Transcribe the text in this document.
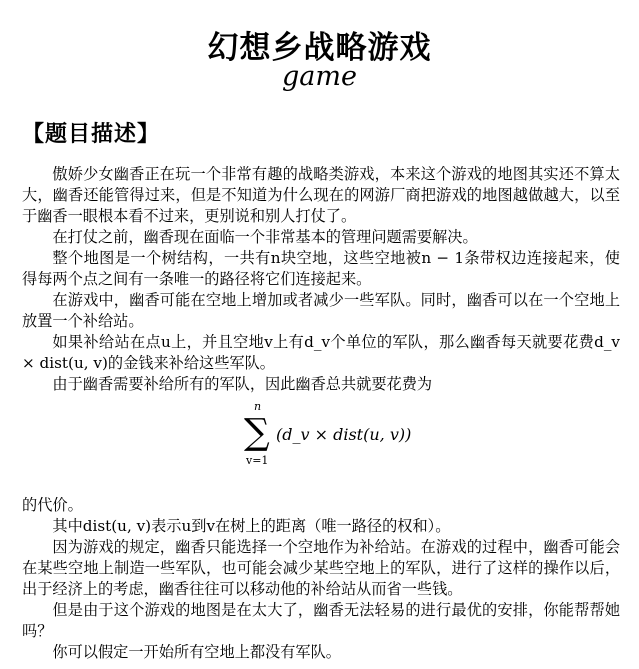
幻想乡战略游戏
game
【题目描述】

傲娇少女幽香正在玩一个非常有趣的战略类游戏，本来这个游戏的地图其实还不算太大，幽香还能管得过来，但是不知道为什么现在的网游厂商把游戏的地图越做越大，以至于幽香一眼根本看不过来，更别说和别人打仗了。

在打仗之前，幽香现在面临一个非常基本的管理问题需要解决。

整个地图是一个树结构，一共有n块空地，这些空地被n − 1条带权边连接起来，使得每两个点之间有一条唯一的路径将它们连接起来。

在游戏中，幽香可能在空地上增加或者减少一些军队。同时，幽香可以在一个空地上放置一个补给站。

如果补给站在点u上，并且空地v上有d_v个单位的军队，那么幽香每天就要花费d_v × dist(u, v)的金钱来补给这些军队。

由于幽香需要补给所有的军队，因此幽香总共就要花费为

n
∑
v=1
(d_v × dist(u, v))

的代价。

其中dist(u, v)表示u到v在树上的距离（唯一路径的权和）。

因为游戏的规定，幽香只能选择一个空地作为补给站。在游戏的过程中，幽香可能会在某些空地上制造一些军队，也可能会减少某些空地上的军队，进行了这样的操作以后，出于经济上的考虑，幽香往往可以移动他的补给站从而省一些钱。

但是由于这个游戏的地图是在太大了，幽香无法轻易的进行最优的安排，你能帮帮她吗？

你可以假定一开始所有空地上都没有军队。
